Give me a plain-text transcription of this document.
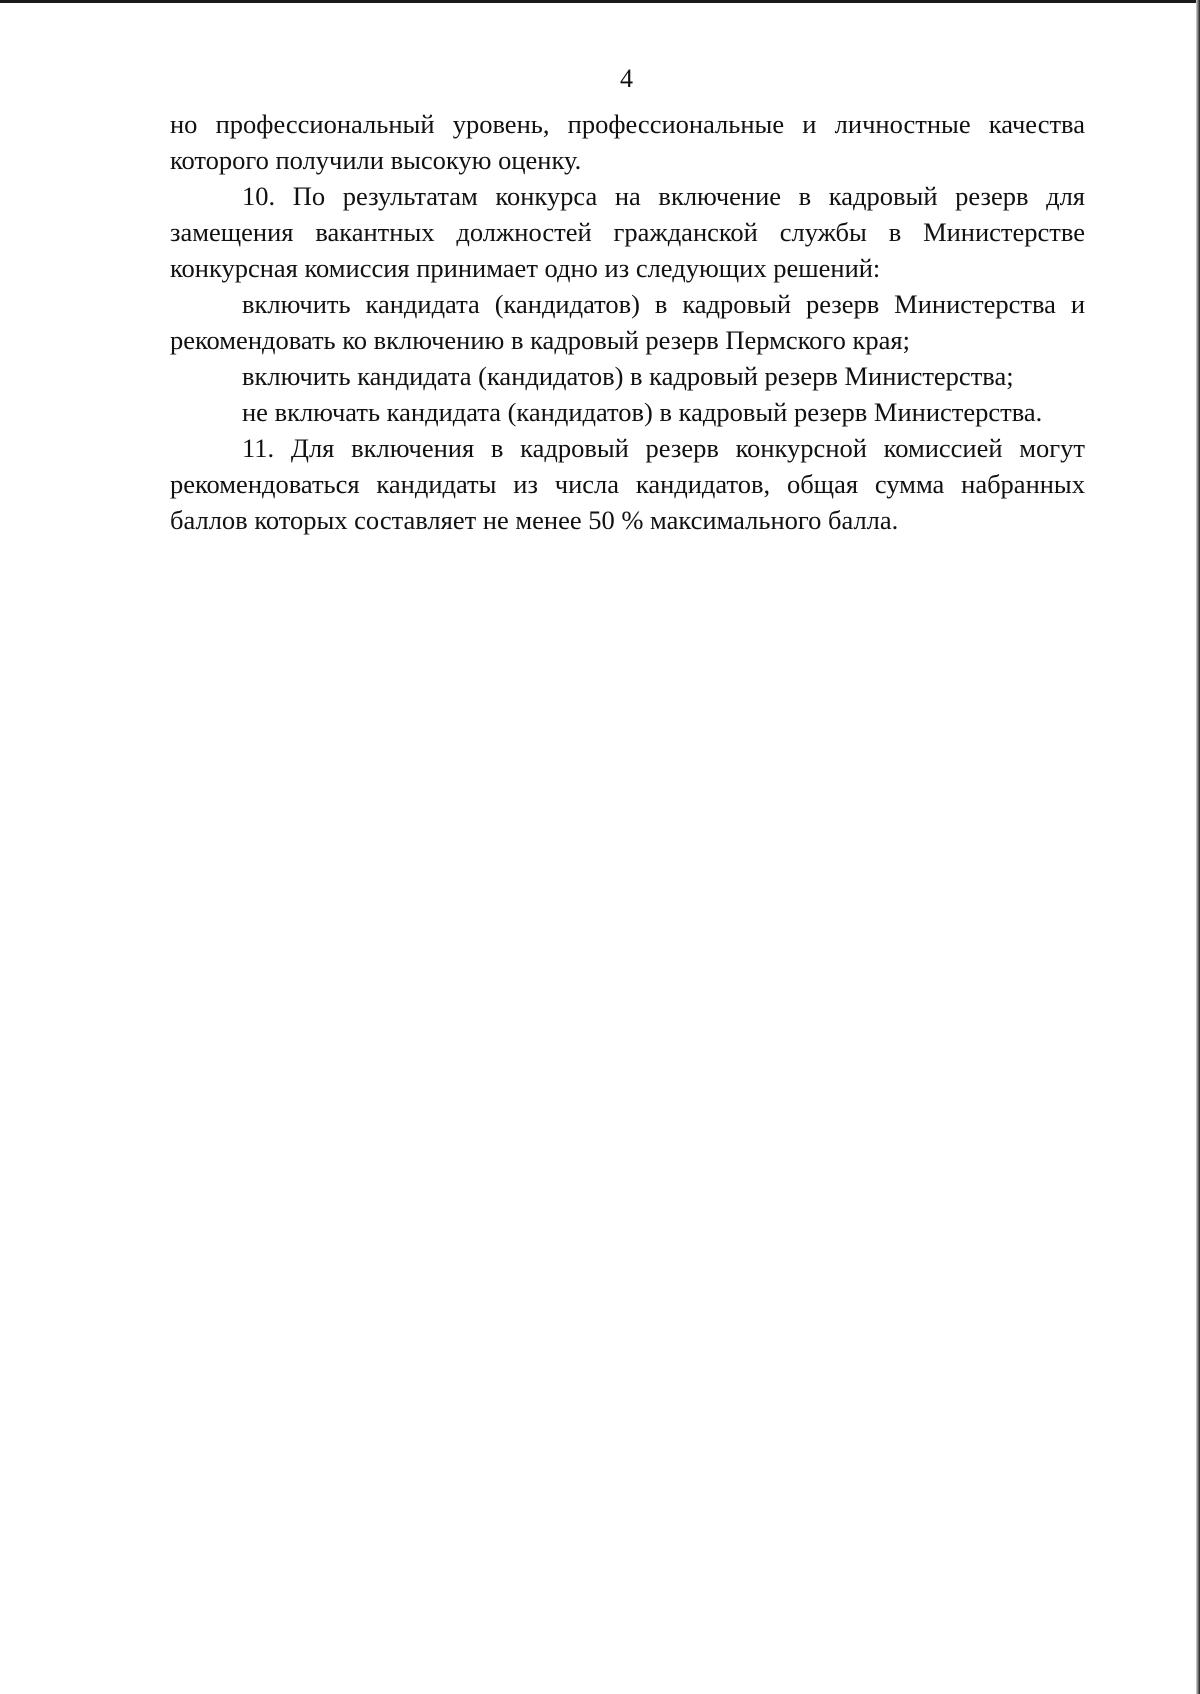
4

но профессиональный уровень, профессиональные и личностные качества которого получили высокую оценку.

10. По результатам конкурса на включение в кадровый резерв для замещения вакантных должностей гражданской службы в Министерстве конкурсная комиссия принимает одно из следующих решений:

включить кандидата (кандидатов) в кадровый резерв Министерства и рекомендовать ко включению в кадровый резерв Пермского края;

включить кандидата (кандидатов) в кадровый резерв Министерства;

не включать кандидата (кандидатов) в кадровый резерв Министерства.

11. Для включения в кадровый резерв конкурсной комиссией могут рекомендоваться кандидаты из числа кандидатов, общая сумма набранных баллов которых составляет не менее 50 % максимального балла.
